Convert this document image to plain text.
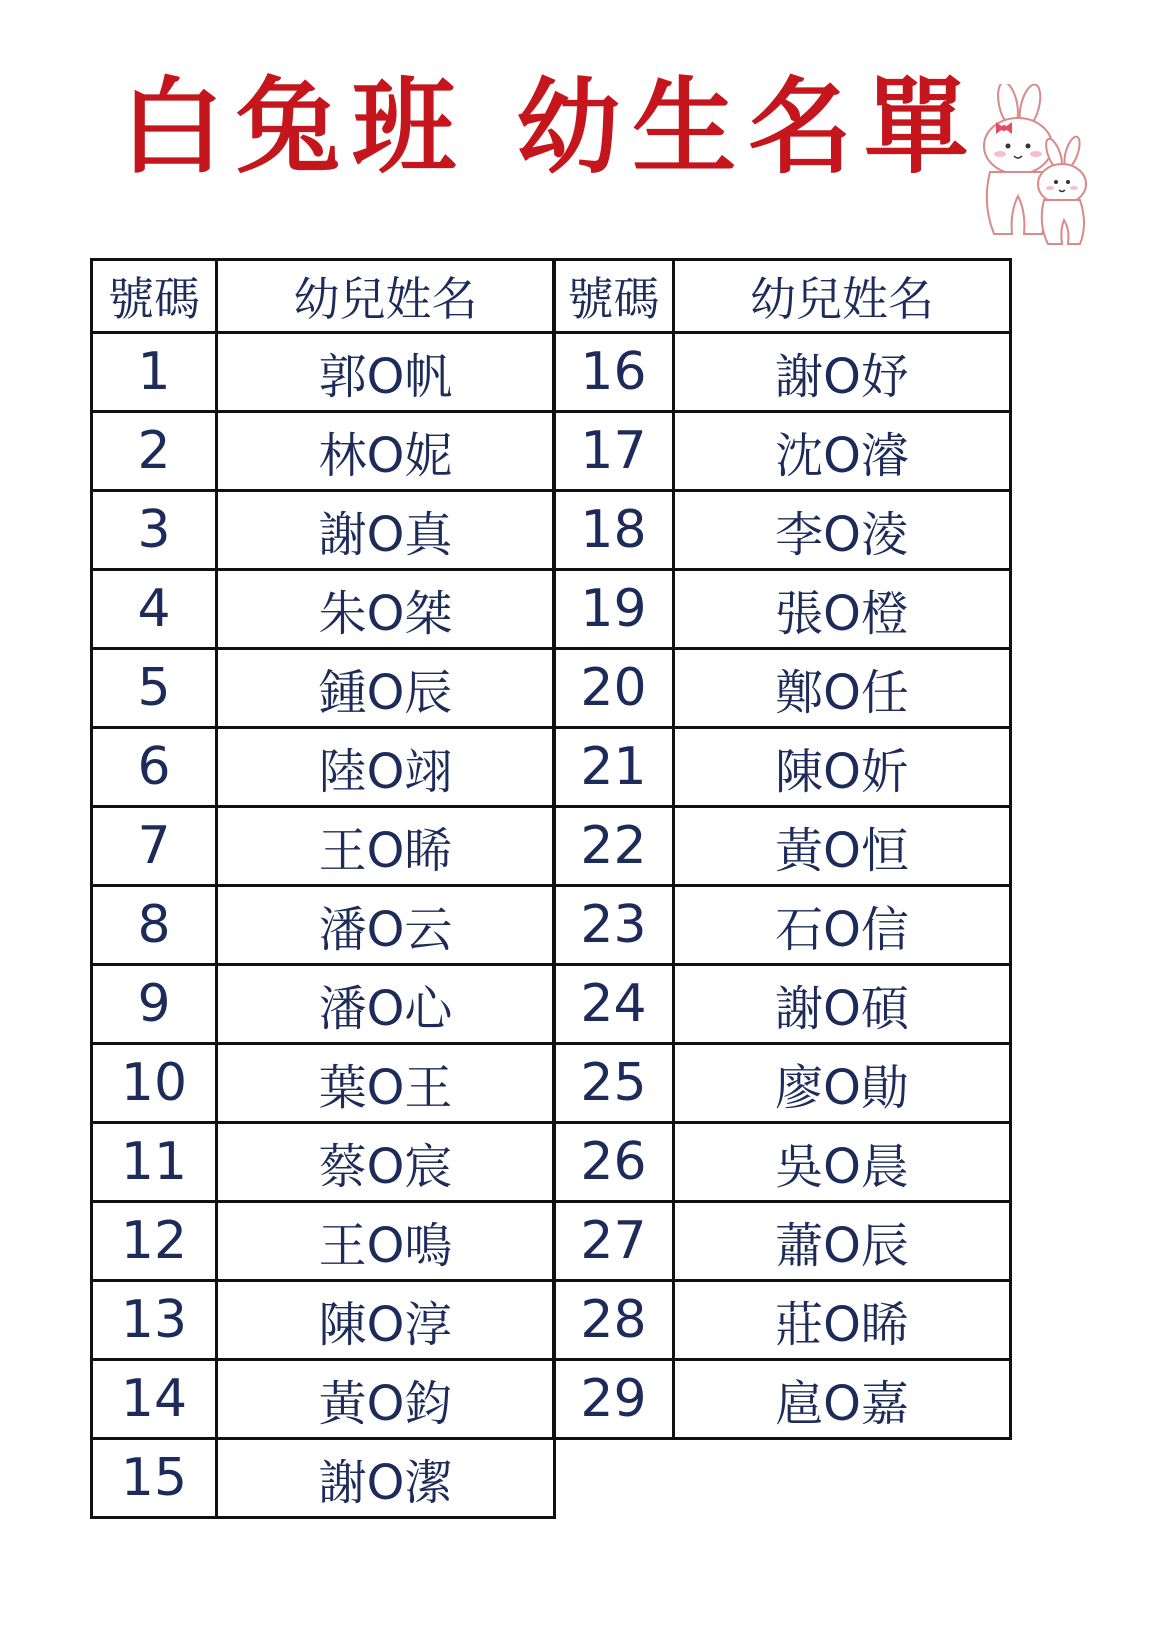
白兔班 幼生名單
號碼	幼兒姓名
1	郭O帆
2	林O妮
3	謝O真
4	朱O桀
5	鍾O辰
6	陸O翊
7	王O睎
8	潘O云
9	潘O心
10	葉O王
11	蔡O宸
12	王O鳴
13	陳O淳
14	黃O鈞
15	謝O潔
號碼	幼兒姓名
16	謝O妤
17	沈O濬
18	李O淩
19	張O橙
20	鄭O任
21	陳O妡
22	黃O恒
23	石O信
24	謝O碩
25	廖O勛
26	吳O晨
27	蕭O辰
28	莊O睎
29	扈O嘉
